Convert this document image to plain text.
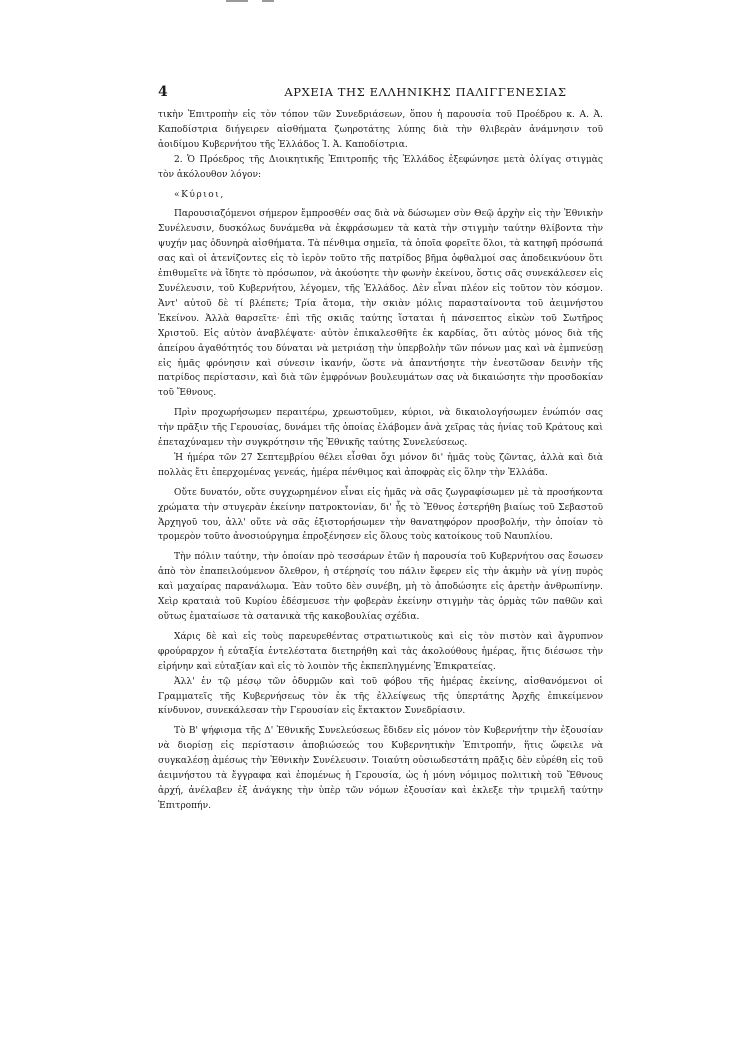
4	ΑΡΧΕΙΑ ΤΗΣ ΕΛΛΗΝΙΚΗΣ ΠΑΛΙΓΓΕΝΕΣΙΑΣ

τικὴν Ἐπιτροπὴν εἰς τὸν τόπον τῶν Συνεδριάσεων, ὅπου ἡ παρουσία τοῦ Προέδρου κ. Α. Ἀ. Καποδίστρια διήγειρεν αἰσθήματα ζωηροτάτης λύπης διὰ τὴν θλιβερὰν ἀνάμνησιν τοῦ ἀοιδίμου Κυβερνήτου τῆς Ἑλλάδος Ἰ. Ἀ. Καποδίστρια.

2. Ὁ Πρόεδρος τῆς Διοικητικῆς Ἐπιτροπῆς τῆς Ἑλλάδος ἐξεφώνησε μετὰ ὀλίγας στιγμὰς τὸν ἀκόλουθον λόγον:

«Κύριοι,

Παρουσιαζόμενοι σήμερον ἔμπροσθέν σας διὰ νὰ δώσωμεν σὺν Θεῷ ἀρχὴν εἰς τὴν Ἐθνικὴν Συνέλευσιν, δυσκόλως δυνάμεθα νὰ ἐκφράσωμεν τὰ κατὰ τὴν στιγμὴν ταύτην θλίβοντα τὴν ψυχήν μας ὀδυνηρὰ αἰσθήματα. Τὰ πένθιμα σημεῖα, τὰ ὁποῖα φορεῖτε ὅλοι, τὰ κατηφῆ πρόσωπά σας καὶ οἱ ἀτενίζοντες εἰς τὸ ἱερὸν τοῦτο τῆς πατρίδος βῆμα ὀφθαλμοί σας ἀποδεικνύουν ὅτι ἐπιθυμεῖτε νὰ ἴδητε τὸ πρόσωπον, νὰ ἀκούσητε τὴν φωνὴν ἐκείνου, ὅστις σᾶς συνεκάλεσεν εἰς Συνέλευσιν, τοῦ Κυβερνήτου, λέγομεν, τῆς Ἑλλάδος. Δὲν εἶναι πλέον εἰς τοῦτον τὸν κόσμον. Ἀντ' αὐτοῦ δὲ τί βλέπετε; Τρία ἄτομα, τὴν σκιὰν μόλις παρασταίνοντα τοῦ ἀειμνήστου Ἐκείνου. Ἀλλὰ θαρσεῖτε· ἐπὶ τῆς σκιᾶς ταύτης ἵσταται ἡ πάνσεπτος εἰκὼν τοῦ Σωτῆρος Χριστοῦ. Εἰς αὐτὸν ἀναβλέψατε· αὐτὸν ἐπικαλεσθῆτε ἐκ καρδίας, ὅτι αὐτὸς μόνος διὰ τῆς ἀπείρου ἀγαθότητός του δύναται νὰ μετριάσῃ τὴν ὑπερβολὴν τῶν πόνων μας καὶ νὰ ἐμπνεύσῃ εἰς ἡμᾶς φρόνησιν καὶ σύνεσιν ἱκανήν, ὥστε νὰ ἀπαντήσητε τὴν ἐνεστῶσαν δεινὴν τῆς πατρίδος περίστασιν, καὶ διὰ τῶν ἐμφρόνων βουλευμάτων σας νὰ δικαιώσητε τὴν προσδοκίαν τοῦ Ἔθνους.

Πρὶν προχωρήσωμεν περαιτέρω, χρεωστοῦμεν, κύριοι, νὰ δικαιολογήσωμεν ἐνώπιόν σας τὴν πρᾶξιν τῆς Γερουσίας, δυνάμει τῆς ὁποίας ἐλάβομεν ἀνὰ χεῖρας τὰς ἡνίας τοῦ Κράτους καὶ ἐπεταχύναμεν τὴν συγκρότησιν τῆς Ἐθνικῆς ταύτης Συνελεύσεως.

Ἡ ἡμέρα τῶν 27 Σεπτεμβρίου θέλει εἶσθαι ὄχι μόνον δι' ἡμᾶς τοὺς ζῶντας, ἀλλὰ καὶ διὰ πολλὰς ἔτι ἐπερχομένας γενεάς, ἡμέρα πένθιμος καὶ ἀποφρὰς εἰς ὅλην τὴν Ἑλλάδα.

Οὔτε δυνατόν, οὔτε συγχωρημένον εἶναι εἰς ἡμᾶς νὰ σᾶς ζωγραφίσωμεν μὲ τὰ προσήκοντα χρώματα τὴν στυγερὰν ἐκείνην πατροκτονίαν, δι' ἧς τὸ Ἔθνος ἐστερήθη βιαίως τοῦ Σεβαστοῦ Ἀρχηγοῦ του, ἀλλ' οὔτε νὰ σᾶς ἐξιστορήσωμεν τὴν θανατηφόρον προσβολήν, τὴν ὁποίαν τὸ τρομερὸν τοῦτο ἀνοσιούργημα ἐπροξένησεν εἰς ὅλους τοὺς κατοίκους τοῦ Ναυπλίου.

Τὴν πόλιν ταύτην, τὴν ὁποίαν πρὸ τεσσάρων ἐτῶν ἡ παρουσία τοῦ Κυβερνήτου σας ἔσωσεν ἀπὸ τὸν ἐπαπειλούμενον ὄλεθρον, ἡ στέρησίς του πάλιν ἔφερεν εἰς τὴν ἀκμὴν νὰ γίνῃ πυρὸς καὶ μαχαίρας παρανάλωμα. Ἐὰν τοῦτο δὲν συνέβη, μὴ τὸ ἀποδώσητε εἰς ἀρετὴν ἀνθρωπίνην. Χεὶρ κραταιὰ τοῦ Κυρίου ἐδέσμευσε τὴν φοβερὰν ἐκείνην στιγμὴν τὰς ὁρμὰς τῶν παθῶν καὶ οὕτως ἐματαίωσε τὰ σατανικὰ τῆς κακοβουλίας σχέδια.

Χάρις δὲ καὶ εἰς τοὺς παρευρεθέντας στρατιωτικοὺς καὶ εἰς τὸν πιστὸν καὶ ἄγρυπνον φρούραρχον ἡ εὐταξία ἐντελέστατα διετηρήθη καὶ τὰς ἀκολούθους ἡμέρας, ἥτις διέσωσε τὴν εἰρήνην καὶ εὐταξίαν καὶ εἰς τὸ λοιπὸν τῆς ἐκπεπληγμένης Ἐπικρατείας.

Ἀλλ' ἐν τῷ μέσῳ τῶν ὀδυρμῶν καὶ τοῦ φόβου τῆς ἡμέρας ἐκείνης, αἰσθανόμενοι οἱ Γραμματεῖς τῆς Κυβερνήσεως τὸν ἐκ τῆς ἐλλείψεως τῆς ὑπερτάτης Ἀρχῆς ἐπικείμενον κίνδυνον, συνεκάλεσαν τὴν Γερουσίαν εἰς ἔκτακτον Συνεδρίασιν.

Τὸ Β' ψήφισμα τῆς Δ' Ἐθνικῆς Συνελεύσεως ἔδιδεν εἰς μόνον τὸν Κυβερνήτην τὴν ἐξουσίαν νὰ διορίσῃ εἰς περίστασιν ἀποβιώσεώς του Κυβερνητικὴν Ἐπιτροπήν, ἥτις ὤφειλε νὰ συγκαλέσῃ ἀμέσως τὴν Ἐθνικὴν Συνέλευσιν. Τοιαύτη οὐσιωδεστάτη πρᾶξις δὲν εὑρέθη εἰς τοῦ ἀειμνήστου τὰ ἔγγραφα καὶ ἐπομένως ἡ Γερουσία, ὡς ἡ μόνη νόμιμος πολιτικὴ τοῦ Ἔθνους ἀρχή, ἀνέλαβεν ἐξ ἀνάγκης τὴν ὑπὲρ τῶν νόμων ἐξουσίαν καὶ ἐκλεξε τὴν τριμελῆ ταύτην Ἐπιτροπήν.
